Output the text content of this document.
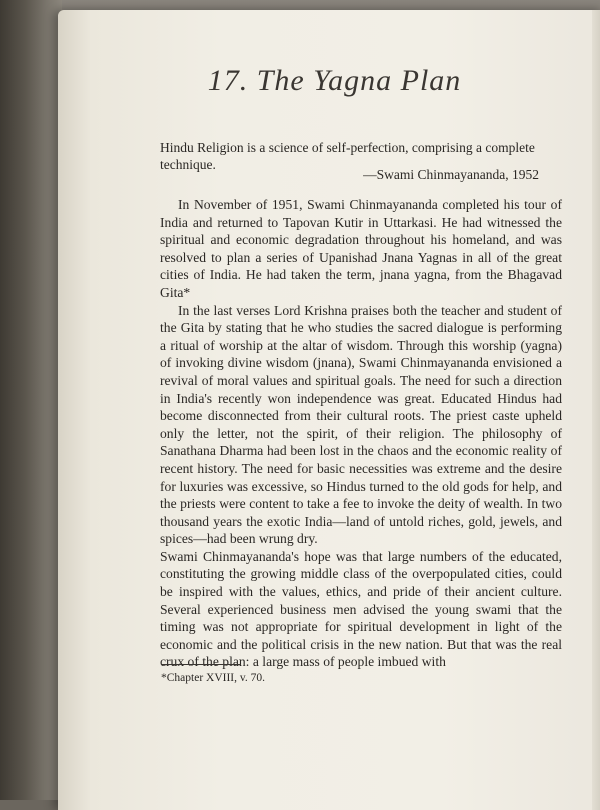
17. The Yagna Plan
Hindu Religion is a science of self-perfection, comprising a complete technique.
—Swami Chinmayananda, 1952

In November of 1951, Swami Chinmayananda completed his tour of India and returned to Tapovan Kutir in Uttarkasi. He had witnessed the spiritual and economic degradation throughout his homeland, and was resolved to plan a series of Upanishad Jnana Yagnas in all of the great cities of India. He had taken the term, jnana yagna, from the Bhagavad Gita*

In the last verses Lord Krishna praises both the teacher and student of the Gita by stating that he who studies the sacred dialogue is performing a ritual of worship at the altar of wisdom. Through this worship (yagna) of invoking divine wisdom (jnana), Swami Chinmayananda envisioned a revival of moral values and spiritual goals. The need for such a direction in India's recently won independence was great. Educated Hindus had become disconnected from their cultural roots. The priest caste upheld only the letter, not the spirit, of their religion. The philosophy of Sanathana Dharma had been lost in the chaos and the economic reality of recent history. The need for basic necessities was extreme and the desire for luxuries was excessive, so Hindus turned to the old gods for help, and the priests were content to take a fee to invoke the deity of wealth. In two thousand years the exotic India—land of untold riches, gold, jewels, and spices—had been wrung dry.

Swami Chinmayananda's hope was that large numbers of the educated, constituting the growing middle class of the overpopulated cities, could be inspired with the values, ethics, and pride of their ancient culture. Several experienced business men advised the young swami that the timing was not appropriate for spiritual development in light of the economic and the political crisis in the new nation. But that was the real crux of the plan: a large mass of people imbued with

*Chapter XVIII, v. 70.
